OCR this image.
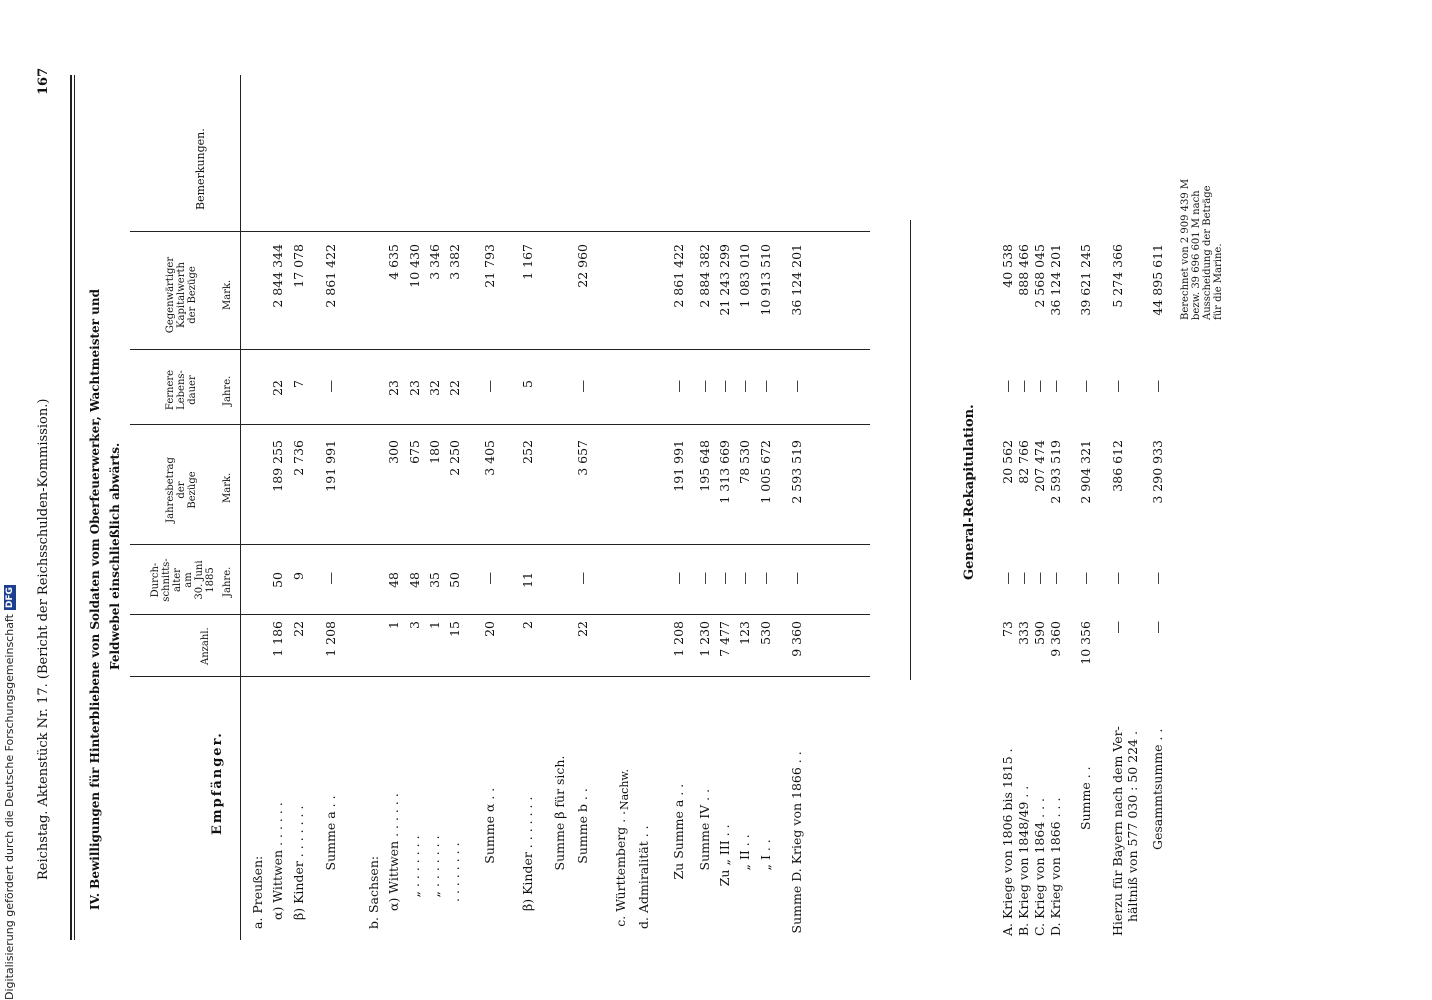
Reichstag. Aktenstück Nr. 17. (Bericht der Reichsschulden-Kommission.)
167
IV. Bewilligungen für Hinterbliebene von Soldaten vom Oberfeuerwerker, Wachtmeister und Feldwebel einschließlich abwärts.
Empfänger.
Anzahl.
Durch- schnitts- alter am 30. Juni 1885 Jahre.
Jahresbetrag der Bezüge Mark.
Fernere Lebens- dauer Jahre.
Gegenwärtiger Kapitalwerth der Bezüge Mark.
Bemerkungen.
a. Preußen: α) Wittwen . . . . . .
1 186
50
189 255
22
2 844 344
β) Kinder . . . . . . .
22
9
2 736
7
17 078
Summe a . .
1 208
—
191 991
—
2 861 422
b. Sachsen: α) Wittwen . . . . . .
1
48
300
23
4 635
„ . . . . . . .
3
48
675
23
10 430
„ . . . . . . .
1
35
180
32
3 346
. . . . . . . .
15
50
2 250
22
3 382
Summe α . .
20
—
3 405
—
21 793
β) Kinder . . . . . . .
2
11
252
5
1 167
Summe β für sich. Summe b . .
22
—
3 657
—
22 960
c. Württemberg . . d. Admiralität . . Zu Summe a . .
1 208
—
191 991
—
2 861 422
Summe IV . .
1 230
—
195 648
—
2 884 382
Zu „ III . .
7 477
—
1 313 669
—
21 243 299
„ II . .
123
—
78 530
—
1 083 010
„ I . .
530
—
1 005 672
—
10 913 510
Summe D. Krieg von 1866 . .
9 360
—
2 593 519
—
36 124 201
Nachw.
General-Rekapitulation.
A. Kriege von 1806 bis 1815 .
73
—
20 562
—
40 538
B. Krieg von 1848/49 . .
333
—
82 766
—
888 466
C. Krieg von 1864 . . .
590
—
207 474
—
2 568 045
D. Krieg von 1866 . . .
9 360
—
2 593 519
—
36 124 201
Summe . .
10 356
—
2 904 321
—
39 621 245
Hierzu für Bayern nach dem Ver- hältniß von 577 030 : 50 224 .
—
—
386 612
—
5 274 366
Gesammtsumme . .
—
—
3 290 933
—
44 895 611 Berechnet von 2 909 439 M bezw. 39 696 601 M nach Ausscheidung der Beträge für die Marine.
Digitalisierung gefördert durch die Deutsche ForschungsgemeinschaftDFG
